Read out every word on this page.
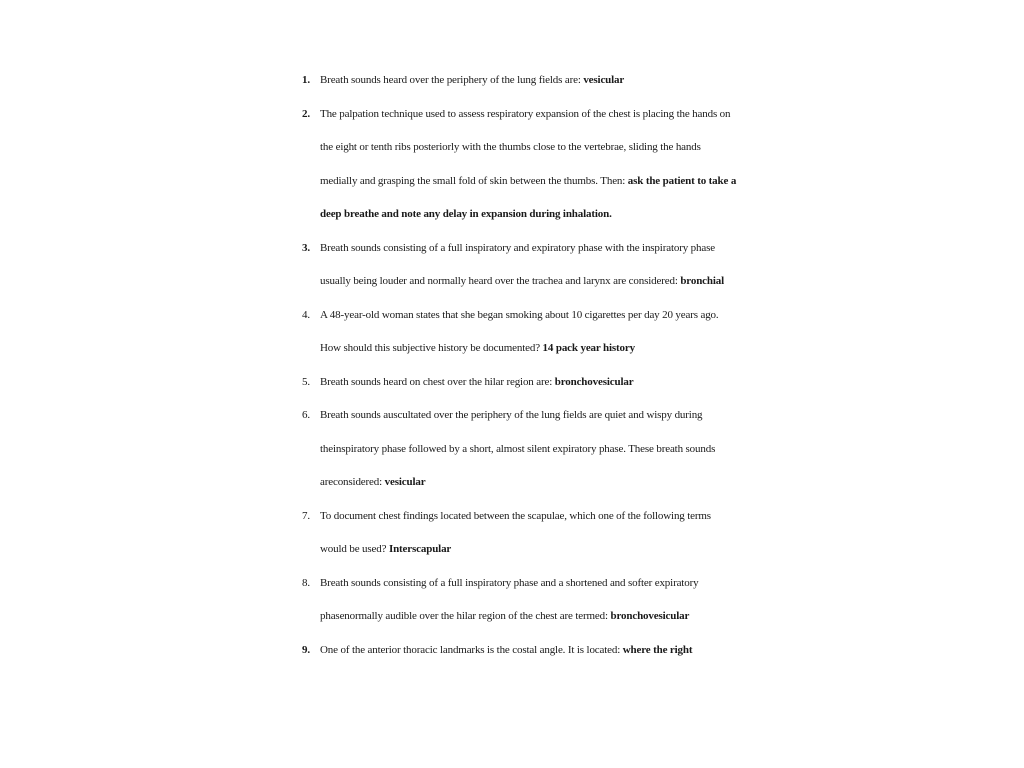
1. Breath sounds heard over the periphery of the lung fields are: vesicular
2. The palpation technique used to assess respiratory expansion of the chest is placing the hands on the eight or tenth ribs posteriorly with the thumbs close to the vertebrae, sliding the hands medially and grasping the small fold of skin between the thumbs. Then: ask the patient to take a deep breathe and note any delay in expansion during inhalation.
3. Breath sounds consisting of a full inspiratory and expiratory phase with the inspiratory phase usually being louder and normally heard over the trachea and larynx are considered: bronchial
4. A 48-year-old woman states that she began smoking about 10 cigarettes per day 20 years ago. How should this subjective history be documented? 14 pack year history
5. Breath sounds heard on chest over the hilar region are: bronchovesicular
6. Breath sounds auscultated over the periphery of the lung fields are quiet and wispy during theinspiratory phase followed by a short, almost silent expiratory phase. These breath sounds areconsidered: vesicular
7. To document chest findings located between the scapulae, which one of the following terms would be used? Interscapular
8. Breath sounds consisting of a full inspiratory phase and a shortened and softer expiratory phasenormally audible over the hilar region of the chest are termed: bronchovesicular
9. One of the anterior thoracic landmarks is the costal angle. It is located: where the right
